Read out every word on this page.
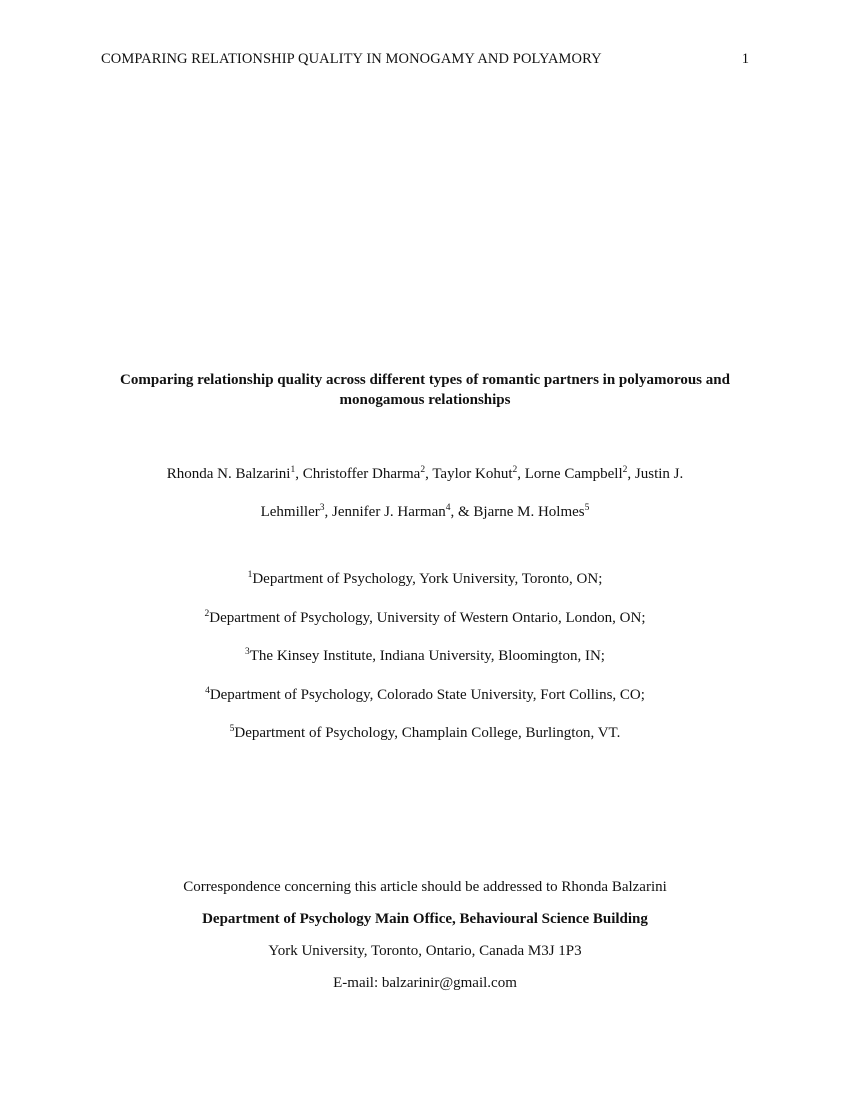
COMPARING RELATIONSHIP QUALITY IN MONOGAMY AND POLYAMORY	1
Comparing relationship quality across different types of romantic partners in polyamorous and monogamous relationships
Rhonda N. Balzarini$^1$, Christoffer Dharma$^2$, Taylor Kohut$^2$, Lorne Campbell$^2$, Justin J.
Lehmiller$^3$, Jennifer J. Harman$^4$, & Bjarne M. Holmes$^5$
$^1$Department of Psychology, York University, Toronto, ON;
$^2$Department of Psychology, University of Western Ontario, London, ON;
$^3$The Kinsey Institute, Indiana University, Bloomington, IN;
$^4$Department of Psychology, Colorado State University, Fort Collins, CO;
$^5$Department of Psychology, Champlain College, Burlington, VT.
Correspondence concerning this article should be addressed to Rhonda Balzarini
Department of Psychology Main Office, Behavioural Science Building
York University, Toronto, Ontario, Canada M3J 1P3
E-mail: balzarinir@gmail.com
